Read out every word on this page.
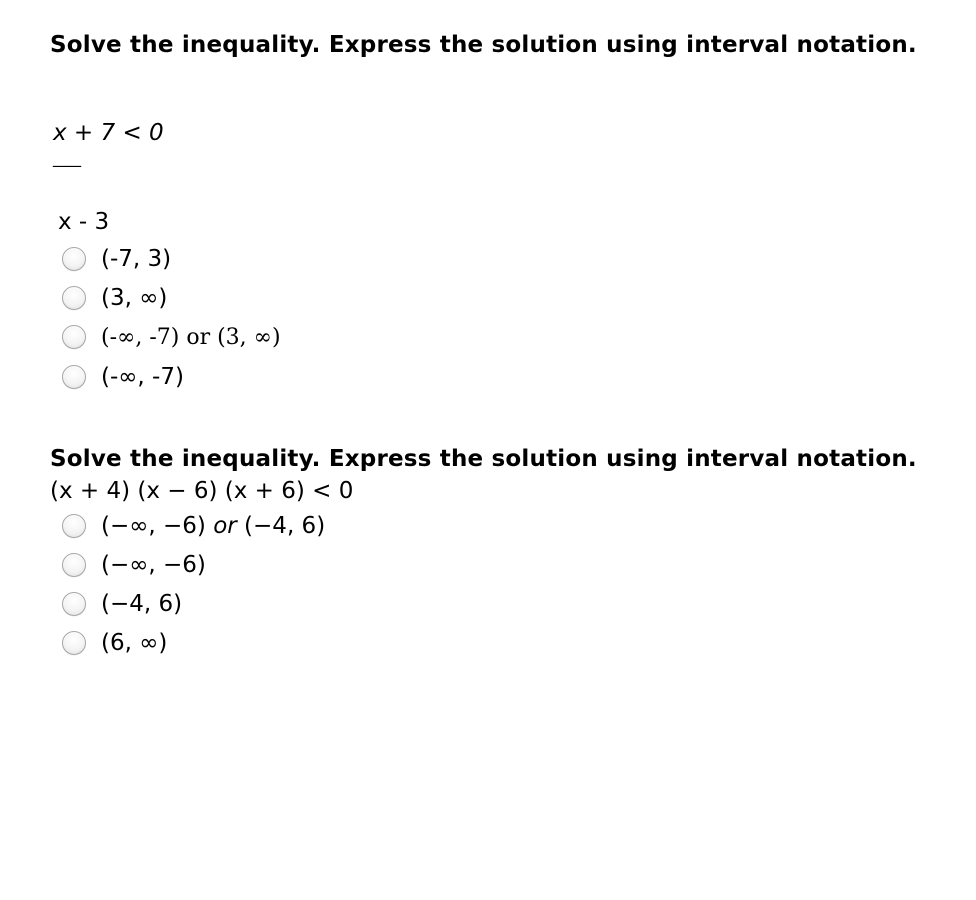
Solve the inequality. Express the solution using interval notation.
x + 7 < 0
——
x - 3
(-7, 3)
(3, ∞)
(-∞, -7) or (3, ∞)
(-∞, -7)
Solve the inequality. Express the solution using interval notation.
(x + 4) (x − 6) (x + 6) < 0
(−∞, −6) or (−4, 6)
(−∞, −6)
(−4, 6)
(6, ∞)
